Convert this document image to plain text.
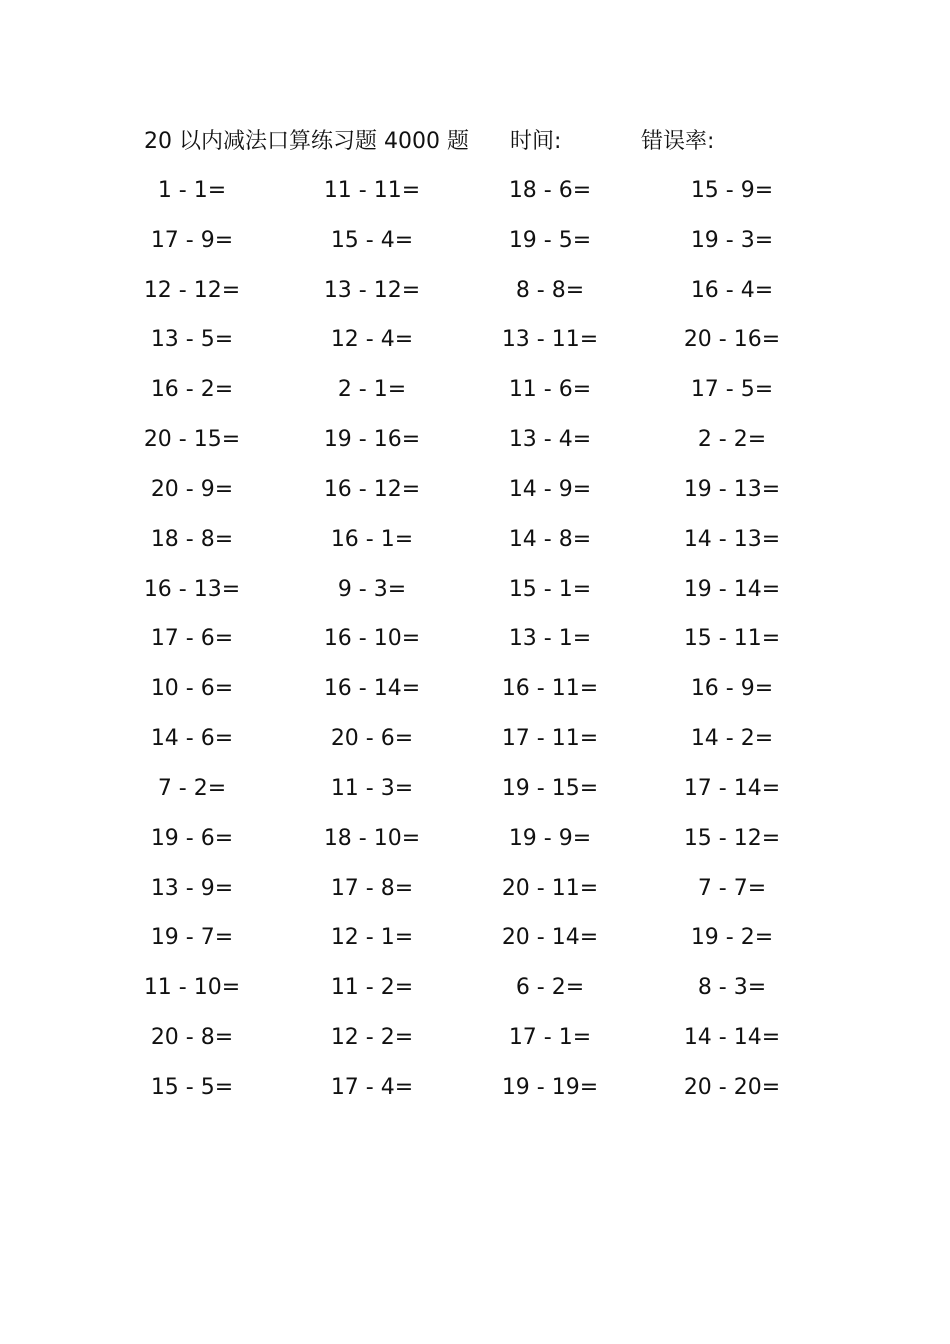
20 以内减法口算练习题 4000 题 时间:	错误率:
1 - 1=	11 - 11=	18 - 6=	15 - 9=
17 - 9=	15 - 4=	19 - 5=	19 - 3=
12 - 12=	13 - 12=	8 - 8=	16 - 4=
13 - 5=	12 - 4=	13 - 11=	20 - 16=
16 - 2=	2 - 1=	11 - 6=	17 - 5=
20 - 15=	19 - 16=	13 - 4=	2 - 2=
20 - 9=	16 - 12=	14 - 9=	19 - 13=
18 - 8=	16 - 1=	14 - 8=	14 - 13=
16 - 13=	9 - 3=	15 - 1=	19 - 14=
17 - 6=	16 - 10=	13 - 1=	15 - 11=
10 - 6=	16 - 14=	16 - 11=	16 - 9=
14 - 6=	20 - 6=	17 - 11=	14 - 2=
7 - 2=	11 - 3=	19 - 15=	17 - 14=
19 - 6=	18 - 10=	19 - 9=	15 - 12=
13 - 9=	17 - 8=	20 - 11=	7 - 7=
19 - 7=	12 - 1=	20 - 14=	19 - 2=
11 - 10=	11 - 2=	6 - 2=	8 - 3=
20 - 8=	12 - 2=	17 - 1=	14 - 14=
15 - 5=	17 - 4=	19 - 19=	20 - 20=
